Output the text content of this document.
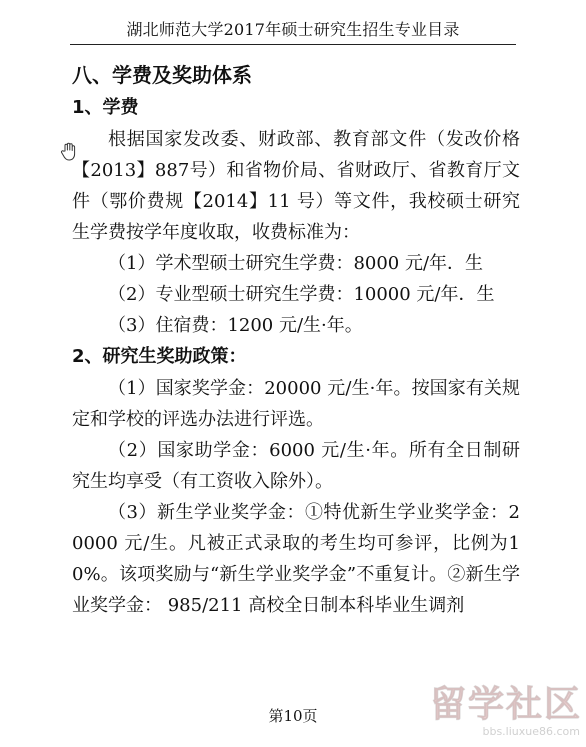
湖北师范大学2017年硕士研究生招生专业目录
八、学费及奖助体系
1、学费

根据国家发改委、财政部、教育部文件（发改价格【2013】887号）和省物价局、省财政厅、省教育厅文件（鄂价费规【2014】11 号）等文件，我校硕士研究生学费按学年度收取，收费标准为：

（1）学术型硕士研究生学费：8000 元/年．生

（2）专业型硕士研究生学费：10000 元/年．生

（3）住宿费：1200 元/生·年。

2、研究生奖助政策：

（1）国家奖学金：20000 元/生·年。按国家有关规定和学校的评选办法进行评选。

（2）国家助学金：6000 元/生·年。所有全日制研究生均享受（有工资收入除外）。

（3）新生学业奖学金：①特优新生学业奖学金：20000 元/生。凡被正式录取的考生均可参评，比例为10%。该项奖励与“新生学业奖学金”不重复计。②新生学业奖学金： 985/211 高校全日制本科毕业生调剂

第10页	留学社区
bbs.liuxue86.com
